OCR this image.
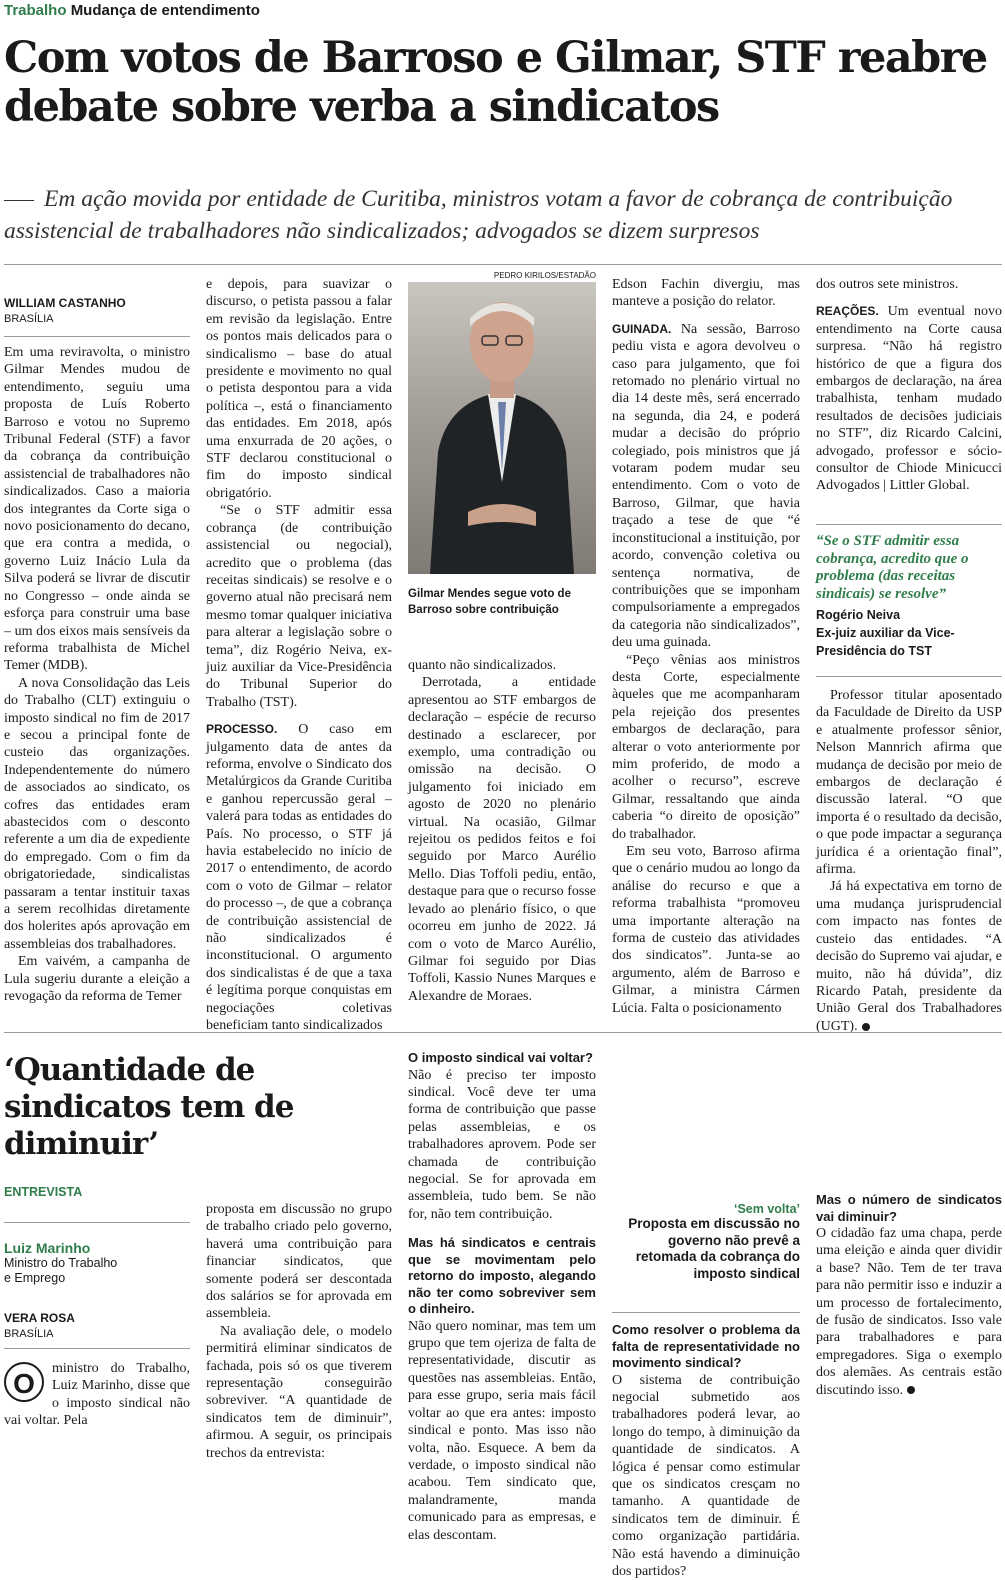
Trabalho Mudança de entendimento
Com votos de Barroso e Gilmar, STF reabre debate sobre verba a sindicatos
Em ação movida por entidade de Curitiba, ministros votam a favor de cobrança de contribuição assistencial de trabalhadores não sindicalizados; advogados se dizem surpresos
WILLIAM CASTANHO
BRASÍLIA

Em uma reviravolta, o ministro Gilmar Mendes mudou de entendimento, seguiu uma proposta de Luís Roberto Barroso e votou no Supremo Tribunal Federal (STF) a favor da cobrança da contribuição assistencial de trabalhadores não sindicalizados. Caso a maioria dos integrantes da Corte siga o novo posicionamento do decano, que era contra a medida, o governo Luiz Inácio Lula da Silva poderá se livrar de discutir no Congresso – onde ainda se esforça para construir uma base – um dos eixos mais sensíveis da reforma trabalhista de Michel Temer (MDB).

A nova Consolidação das Leis do Trabalho (CLT) extinguiu o imposto sindical no fim de 2017 e secou a principal fonte de custeio das organizações. Independentemente do número de associados ao sindicato, os cofres das entidades eram abastecidos com o desconto referente a um dia de expediente do empregado. Com o fim da obrigatoriedade, sindicalistas passaram a tentar instituir taxas a serem recolhidas diretamente dos holerites após aprovação em assembleias dos trabalhadores.

Em vaivém, a campanha de Lula sugeriu durante a eleição a revogação da reforma de Temer

e depois, para suavizar o discurso, o petista passou a falar em revisão da legislação. Entre os pontos mais delicados para o sindicalismo – base do atual presidente e movimento no qual o petista despontou para a vida política –, está o financiamento das entidades. Em 2018, após uma enxurrada de 20 ações, o STF declarou constitucional o fim do imposto sindical obrigatório.

“Se o STF admitir essa cobrança (de contribuição assistencial ou negocial), acredito que o problema (das receitas sindicais) se resolve e o governo atual não precisará nem mesmo tomar qualquer iniciativa para alterar a legislação sobre o tema”, diz Rogério Neiva, ex-juiz auxiliar da Vice-Presidência do Tribunal Superior do Trabalho (TST).

PROCESSO. O caso em julgamento data de antes da reforma, envolve o Sindicato dos Metalúrgicos da Grande Curitiba e ganhou repercussão geral – valerá para todas as entidades do País. No processo, o STF já havia estabelecido no início de 2017 o entendimento, de acordo com o voto de Gilmar – relator do processo –, de que a cobrança de contribuição assistencial de não sindicalizados é inconstitucional. O argumento dos sindicalistas é de que a taxa é legítima porque conquistas em negociações coletivas beneficiam tanto sindicalizados

PEDRO KIRILOS/ESTADÃO
Gilmar Mendes segue voto de Barroso sobre contribuição

quanto não sindicalizados.

Derrotada, a entidade apresentou ao STF embargos de declaração – espécie de recurso destinado a esclarecer, por exemplo, uma contradição ou omissão na decisão. O julgamento foi iniciado em agosto de 2020 no plenário virtual. Na ocasião, Gilmar rejeitou os pedidos feitos e foi seguido por Marco Aurélio Mello. Dias Toffoli pediu, então, destaque para que o recurso fosse levado ao plenário físico, o que ocorreu em junho de 2022. Já com o voto de Marco Aurélio, Gilmar foi seguido por Dias Toffoli, Kassio Nunes Marques e Alexandre de Moraes.

Edson Fachin divergiu, mas manteve a posição do relator.

GUINADA. Na sessão, Barroso pediu vista e agora devolveu o caso para julgamento, que foi retomado no plenário virtual no dia 14 deste mês, será encerrado na segunda, dia 24, e poderá mudar a decisão do próprio colegiado, pois ministros que já votaram podem mudar seu entendimento. Com o voto de Barroso, Gilmar, que havia traçado a tese de que “é inconstitucional a instituição, por acordo, convenção coletiva ou sentença normativa, de contribuições que se imponham compulsoriamente a empregados da categoria não sindicalizados”, deu uma guinada.

“Peço vênias aos ministros desta Corte, especialmente àqueles que me acompanharam pela rejeição dos presentes embargos de declaração, para alterar o voto anteriormente por mim proferido, de modo a acolher o recurso”, escreve Gilmar, ressaltando que ainda caberia “o direito de oposição” do trabalhador.

Em seu voto, Barroso afirma que o cenário mudou ao longo da análise do recurso e que a reforma trabalhista “promoveu uma importante alteração na forma de custeio das atividades dos sindicatos”. Junta-se ao argumento, além de Barroso e Gilmar, a ministra Cármen Lúcia. Falta o posicionamento

dos outros sete ministros.

REAÇÕES. Um eventual novo entendimento na Corte causa surpresa. “Não há registro histórico de que a figura dos embargos de declaração, na área trabalhista, tenham mudado resultados de decisões judiciais no STF”, diz Ricardo Calcini, advogado, professor e sócio-consultor de Chiode Minicucci Advogados | Littler Global.

“Se o STF admitir essa cobrança, acredito que o problema (das receitas sindicais) se resolve”
Rogério Neiva
Ex-juiz auxiliar da Vice-Presidência do TST

Professor titular aposentado da Faculdade de Direito da USP e atualmente professor sênior, Nelson Mannrich afirma que mudança de decisão por meio de embargos de declaração é discussão lateral. “O que importa é o resultado da decisão, o que pode impactar a segurança jurídica é a orientação final”, afirma.

Já há expectativa em torno de uma mudança jurisprudencial com impacto nas fontes de custeio das entidades. “A decisão do Supremo vai ajudar, e muito, não há dúvida”, diz Ricardo Patah, presidente da União Geral dos Trabalhadores (UGT).

‘Quantidade de sindicatos tem de diminuir’
ENTREVISTA
Luiz Marinho
Ministro do Trabalho e Emprego
VERA ROSA
BRASÍLIA

O	ministro do Trabalho, Luiz Marinho, disse que o imposto sindical não vai voltar. Pela

proposta em discussão no grupo de trabalho criado pelo governo, haverá uma contribuição para financiar sindicatos, que somente poderá ser descontada dos salários se for aprovada em assembleia.

Na avaliação dele, o modelo permitirá eliminar sindicatos de fachada, pois só os que tiverem representação conseguirão sobreviver. “A quantidade de sindicatos tem de diminuir”, afirmou. A seguir, os principais trechos da entrevista:

O imposto sindical vai voltar?

Não é preciso ter imposto sindical. Você deve ter uma forma de contribuição que passe pelas assembleias, e os trabalhadores aprovem. Pode ser chamada de contribuição negocial. Se for aprovada em assembleia, tudo bem. Se não for, não tem contribuição.

Mas há sindicatos e centrais que se movimentam pelo retorno do imposto, alegando não ter como sobreviver sem o dinheiro.

Não quero nominar, mas tem um grupo que tem ojeriza de falta de representatividade, discutir as questões nas assembleias. Então, para esse grupo, seria mais fácil voltar ao que era antes: imposto sindical e ponto. Mas isso não volta, não. Esquece. A bem da verdade, o imposto sindical não acabou. Tem sindicato que, malandramente, manda comunicado para as empresas, e elas descontam.

‘Sem volta’
Proposta em discussão no governo não prevê a retomada da cobrança do imposto sindical
Como resolver o problema da falta de representatividade no movimento sindical?

O sistema de contribuição negocial submetido aos trabalhadores poderá levar, ao longo do tempo, à diminuição da quantidade de sindicatos. A lógica é pensar como estimular que os sindicatos cresçam no tamanho. A quantidade de sindicatos tem de diminuir. É como organização partidária. Não está havendo a diminuição dos partidos?

Mas o número de sindicatos vai diminuir?

O cidadão faz uma chapa, perde uma eleição e ainda quer dividir a base? Não. Tem de ter trava para não permitir isso e induzir a um processo de fortalecimento, de fusão de sindicatos. Isso vale para trabalhadores e para empregadores. Siga o exemplo dos alemães. As centrais estão discutindo isso.
